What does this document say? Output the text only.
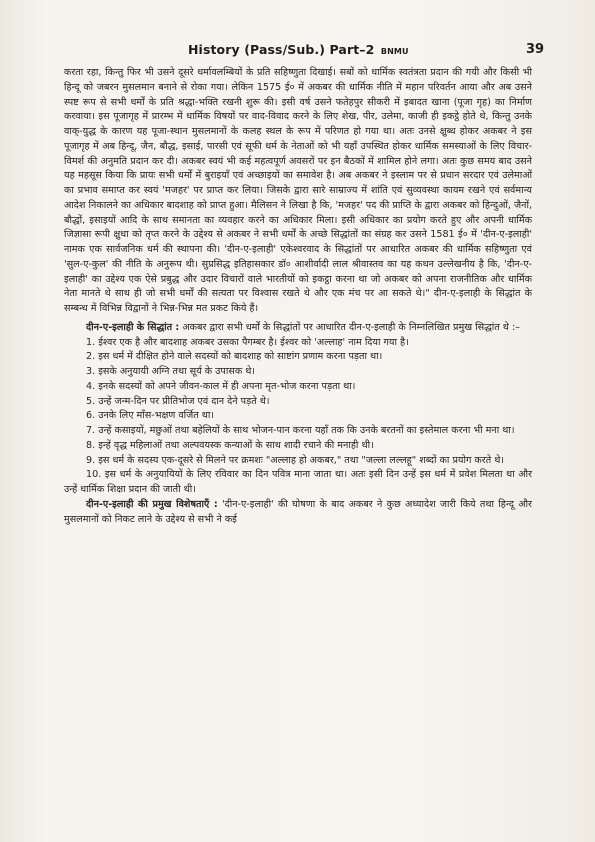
History (Pass/Sub.) Part–2 BNMU	39

करता रहा, किन्तु फिर भी उसने दूसरे धर्मावलम्बियों के प्रति सहिष्णुता दिखाई। सबों को धार्मिक स्वतंत्रता प्रदान की गयी और किसी भी हिन्दू को जबरन मुसलमान बनाने से रोका गया। लेकिन 1575 ई० में अकबर की धार्मिक नीति में महान परिवर्तन आया और अब उसने स्पष्ट रूप से सभी धर्मों के प्रति श्रद्धा-भक्ति रखनी शुरू की। इसी वर्ष उसने फतेहपुर सीकरी में इबादत खाना (पूजा गृह) का निर्माण करवाया। इस पूजागृह में प्रारम्भ में धार्मिक विषयों पर वाद-विवाद करने के लिए शेख, पीर, उलेमा, काजी ही इकट्ठे होते थे, किन्तु उनके वाक्-युद्ध के कारण यह पूजा-स्थान मुसलमानों के कलह स्थल के रूप में परिणत हो गया था। अतः उनसे क्षुब्ध होकर अकबर ने इस पूजागृह में अब हिन्दू, जैन, बौद्ध, इसाई, पारसी एवं सूफी धर्म के नेताओं को भी यहाँ उपस्थित होकर धार्मिक समस्याओं के लिए विचार-विमर्श की अनुमति प्रदान कर दी। अकबर स्वयं भी कई महत्वपूर्ण अवसरों पर इन बैठकों में शामिल होने लगा। अतः कुछ समय बाद उसने यह महसूस किया कि प्रायः सभी धर्मों में बुराइयाँ एवं अच्छाइयों का समावेश है। अब अकबर ने इस्लाम पर से प्रधान सरदार एवं उलेमाओं का प्रभाव समाप्त कर स्वयं 'मजहर' पर प्राप्त कर लिया। जिसके द्वारा सारे साम्राज्य में शांति एवं सुव्यवस्था कायम रखने एवं सर्वमान्य आदेश निकालने का अधिकार बादशाह को प्राप्त हुआ। मैलिसन ने लिखा है कि, 'मजहर' पद की प्राप्ति के द्वारा अकबर को हिन्दुओं, जैनों, बौद्धों, इसाइयों आदि के साथ समानता का व्यवहार करने का अधिकार मिला। इसी अधिकार का प्रयोग करते हुए और अपनी धार्मिक जिज्ञासा रूपी क्षुधा को तृप्त करने के उद्देश्य से अकबर ने सभी धर्मों के अच्छे सिद्धांतों का संग्रह कर उसने 1581 ई० में 'दीन-ए-इलाही' नामक एक सार्वजनिक धर्म की स्थापना की। 'दीन-ए-इलाही' एकेश्वरवाद के सिद्धांतों पर आधारित अकबर की धार्मिक सहिष्णुता एवं 'सुल-ए-कुल' की नीति के अनुरूप थी। सुप्रसिद्ध इतिहासकार डॉ० आशीर्वादी लाल श्रीवास्तव का यह कथन उल्लेखनीय है कि, 'दीन-ए-इलाही' का उद्देश्य एक ऐसे प्रबुद्ध और उदार विचारों वाले भारतीयों को इकट्ठा करना था जो अकबर को अपना राजनीतिक और धार्मिक नेता मानते थे साथ ही जो सभी धर्मों की सत्यता पर विश्वास रखते थे और एक मंच पर आ सकते थे।" दीन-ए-इलाही के सिद्धांत के सम्बन्ध में विभिन्न विद्वानों ने भिन्न-भिन्न मत प्रकट किये हैं।

दीन-ए-इलाही के सिद्धांत : अकबर द्वारा सभी धर्मों के सिद्धांतों पर आधारित दीन-ए-इलाही के निम्नलिखित प्रमुख सिद्धांत थे :–

1. ईश्वर एक है और बादशाह अकबर उसका पैगम्बर है। ईश्वर को 'अल्लाह' नाम दिया गया है।

2. इस धर्म में दीक्षित होने वाले सदस्यों को बादशाह को साष्टांग प्रणाम करना पड़ता था।

3. इसके अनुयायी अग्नि तथा सूर्य के उपासक थे।

4. इनके सदस्यों को अपने जीवन-काल में ही अपना मृत-भोज करना पड़ता था।

5. उन्हें जन्म-दिन पर प्रीतिभोज एवं दान देने पड़ते थे।

6. उनके लिए माँस-भक्षण वर्जित था।

7. उन्हें कसाइयों, मछुओं तथा बहेलियों के साथ भोजन-पान करना यहाँ तक कि उनके बरतनों का इस्तेमाल करना भी मना था।

8. इन्हें वृद्ध महिलाओं तथा अल्पवयस्क कन्याओं के साथ शादी रचाने की मनाही थी।

9. इस धर्म के सदस्य एक-दूसरे से मिलने पर क्रमशः "अल्लाह हो अकबर," तथा "जल्ला लल्लहू" शब्दों का प्रयोग करते थे।

10. इस धर्म के अनुयायियों के लिए रविवार का दिन पवित्र माना जाता था। अतः इसी दिन उन्हें इस धर्म में प्रवेश मिलता था और उन्हें धार्मिक शिक्षा प्रदान की जाती थी।

दीन-ए-इलाही की प्रमुख विशेषताएँ : 'दीन-ए-इलाही' की घोषणा के बाद अकबर ने कुछ अध्यादेश जारी किये तथा हिन्दू और मुसलमानों को निकट लाने के उद्देश्य से सभी ने कई
